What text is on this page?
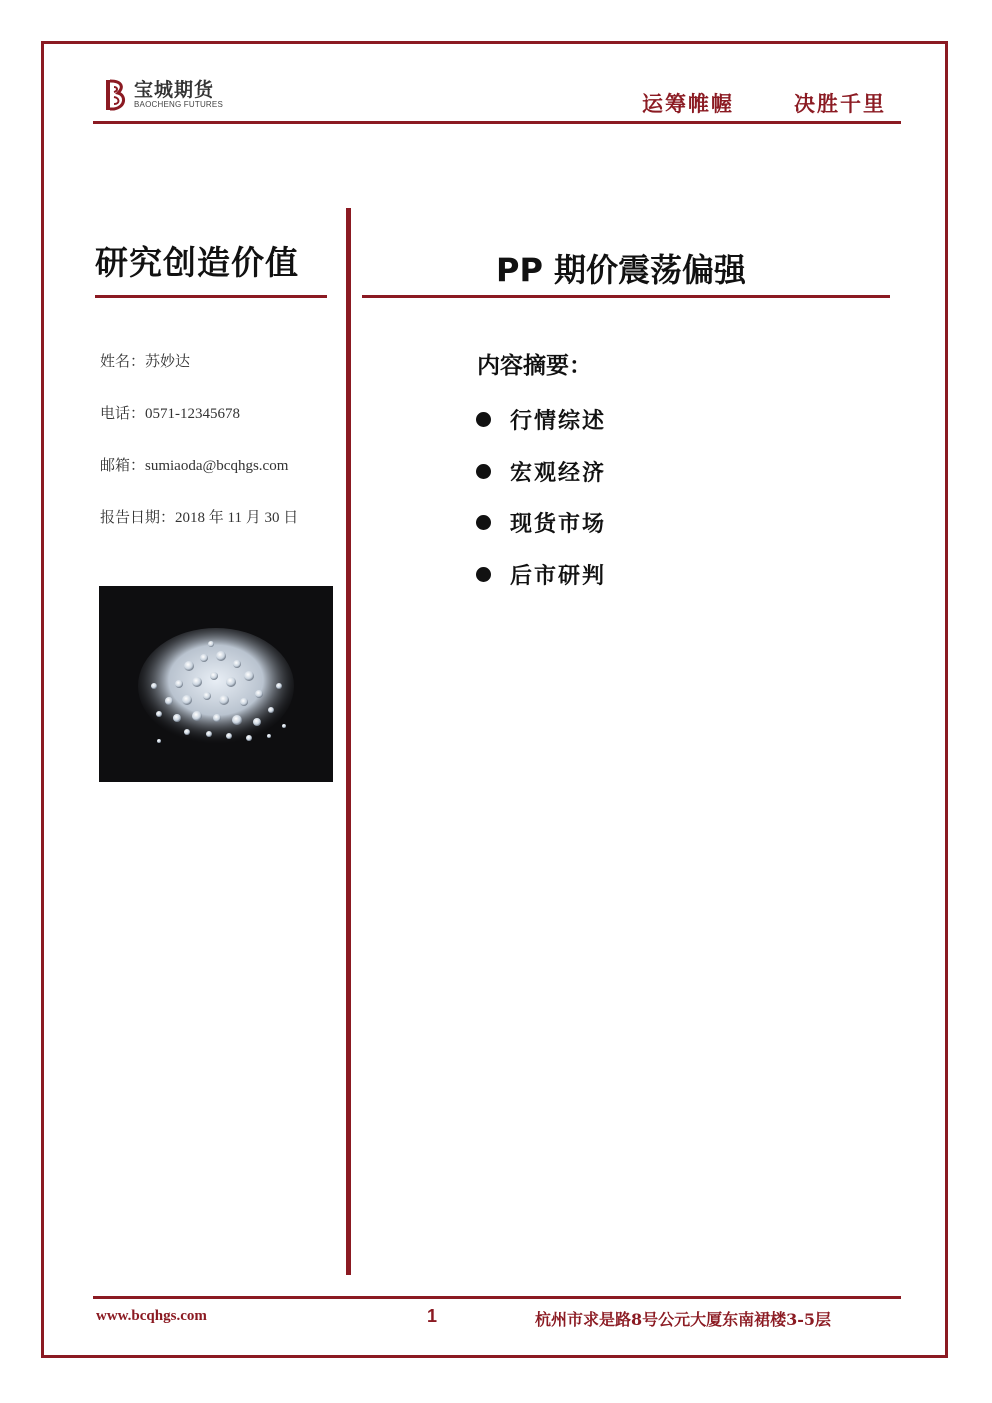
宝城期货
BAOCHENG FUTURES	运筹帷幄	决胜千里
研究创造价值
姓名：苏妙达
电话：0571-12345678
邮箱：sumiaoda@bcqhgs.com
报告日期：2018 年 11 月 30 日
PP 期价震荡偏强
内容摘要：
行情综述
宏观经济
现货市场
后市研判
www.bcqhgs.com	1	杭州市求是路8号公元大厦东南裙楼3-5层
